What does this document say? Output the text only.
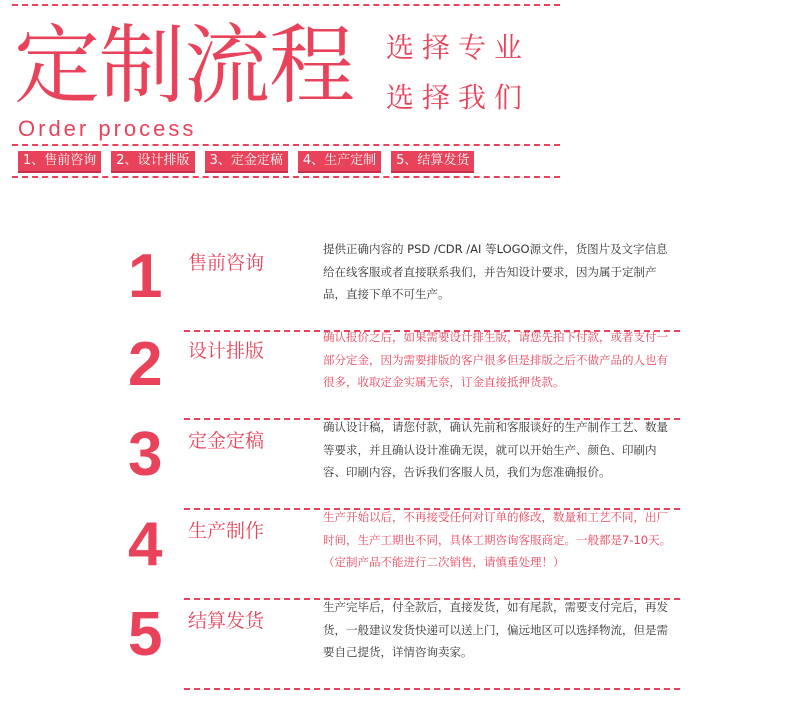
定制流程 选择专业
选择我们
Order process
1、售前咨询	2、设计排版	3、定金定稿	4、生产定制	5、结算发货
1 售前咨询
提供正确内容的 PSD /CDR /AI 等LOGO源文件，货图片及文字信息给在线客服或者直接联系我们，并告知设计要求，因为属于定制产品，直接下单不可生产。
2 设计排版
确认报价之后，如果需要设计排生版，请您先拍下付款，或者支付一部分定金，因为需要排版的客户很多但是排版之后不做产品的人也有很多，收取定金实属无奈，订金直接抵押货款。
3 定金定稿
确认设计稿，请您付款，确认先前和客服谈好的生产制作工艺、数量等要求，并且确认设计准确无误，就可以开始生产、颜色、印刷内容、印刷内容，告诉我们客服人员，我们为您准确报价。
4 生产制作
生产开始以后，不再接受任何对订单的修改，数量和工艺不同，出厂时间，生产工期也不同，具体工期咨询客服商定。一般都是7-10天。（定制产品不能进行二次销售，请慎重处理！）
5 结算发货
生产完毕后，付全款后，直接发货，如有尾款，需要支付完后，再发货，一般建议发货快递可以送上门，偏远地区可以选择物流，但是需要自己提货，详情咨询卖家。
